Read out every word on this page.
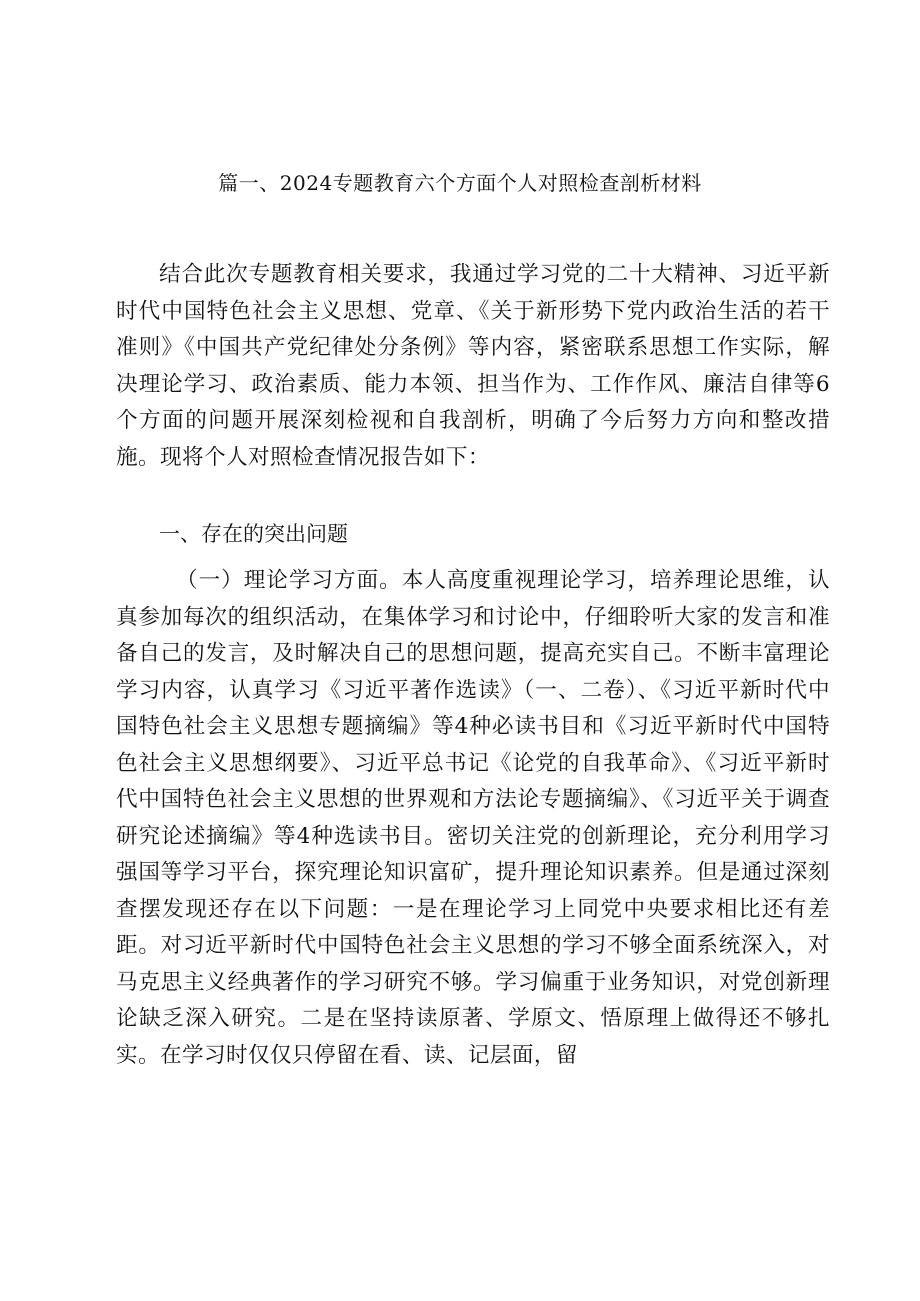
篇一、2024专题教育六个方面个人对照检查剖析材料
结合此次专题教育相关要求，我通过学习党的二十大精神、习近平新时代中国特色社会主义思想、党章、《关于新形势下党内政治生活的若干准则》《中国共产党纪律处分条例》等内容，紧密联系思想工作实际，解决理论学习、政治素质、能力本领、担当作为、工作作风、廉洁自律等6个方面的问题开展深刻检视和自我剖析，明确了今后努力方向和整改措施。现将个人对照检查情况报告如下：
一、存在的突出问题
（一）理论学习方面。本人高度重视理论学习，培养理论思维，认真参加每次的组织活动，在集体学习和讨论中，仔细聆听大家的发言和准备自己的发言，及时解决自己的思想问题，提高充实自己。不断丰富理论学习内容，认真学习《习近平著作选读》（一、二卷）、《习近平新时代中国特色社会主义思想专题摘编》等4种必读书目和《习近平新时代中国特色社会主义思想纲要》、习近平总书记《论党的自我革命》、《习近平新时代中国特色社会主义思想的世界观和方法论专题摘编》、《习近平关于调查研究论述摘编》等4种选读书目。密切关注党的创新理论，充分利用学习强国等学习平台，探究理论知识富矿，提升理论知识素养。但是通过深刻查摆发现还存在以下问题：一是在理论学习上同党中央要求相比还有差距。对习近平新时代中国特色社会主义思想的学习不够全面系统深入，对马克思主义经典著作的学习研究不够。学习偏重于业务知识，对党创新理论缺乏深入研究。二是在坚持读原著、学原文、悟原理上做得还不够扎实。在学习时仅仅只停留在看、读、记层面，留
